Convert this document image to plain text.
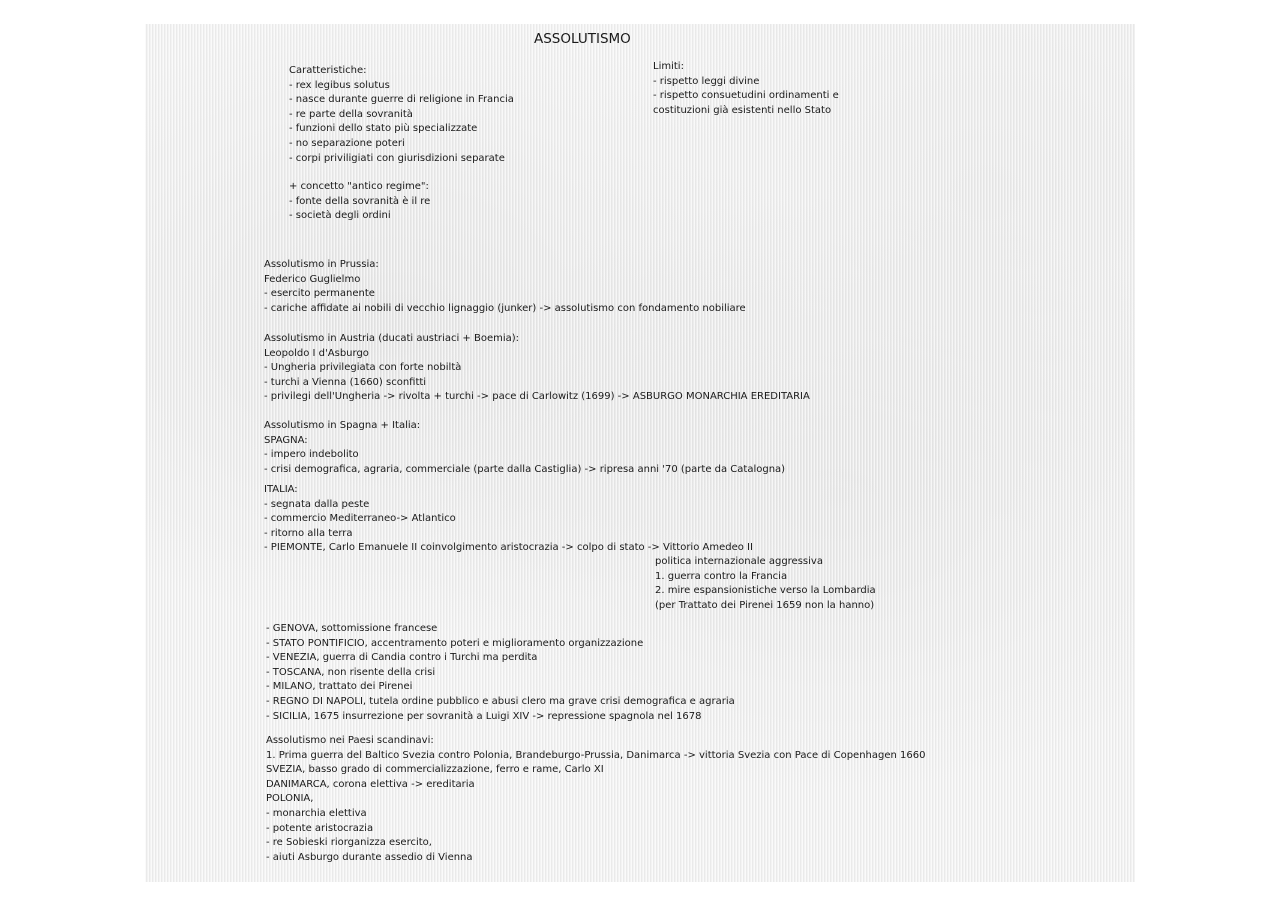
ASSOLUTISMO
Caratteristiche:
- rex legibus solutus
- nasce durante guerre di religione in Francia
- re parte della sovranità
- funzioni dello stato più specializzate
- no separazione poteri
- corpi priviligiati con giurisdizioni separate
+ concetto "antico regime":
- fonte della sovranità è il re
- società degli ordini
Limiti:
- rispetto leggi divine
- rispetto consuetudini ordinamenti e
costituzioni già esistenti nello Stato
Assolutismo in Prussia:
Federico Guglielmo
- esercito permanente
- cariche affidate ai nobili di vecchio lignaggio (junker) -> assolutismo con fondamento nobiliare
Assolutismo in Austria (ducati austriaci + Boemia):
Leopoldo I d'Asburgo
- Ungheria privilegiata con forte nobiltà
- turchi a Vienna (1660) sconfitti
- privilegi dell'Ungheria -> rivolta + turchi -> pace di Carlowitz (1699) -> ASBURGO MONARCHIA EREDITARIA
Assolutismo in Spagna + Italia:
SPAGNA:
- impero indebolito
- crisi demografica, agraria, commerciale (parte dalla Castiglia) -> ripresa anni '70 (parte da Catalogna)
ITALIA:
- segnata dalla peste
- commercio Mediterraneo-> Atlantico
- ritorno alla terra
- PIEMONTE, Carlo Emanuele II coinvolgimento aristocrazia -> colpo di stato -> Vittorio Amedeo II
politica internazionale aggressiva
1. guerra contro la Francia
2. mire espansionistiche verso la Lombardia
(per Trattato dei Pirenei 1659 non la hanno)
- GENOVA, sottomissione francese
- STATO PONTIFICIO, accentramento poteri e miglioramento organizzazione
- VENEZIA, guerra di Candia contro i Turchi ma perdita
- TOSCANA, non risente della crisi
- MILANO, trattato dei Pirenei
- REGNO DI NAPOLI, tutela ordine pubblico e abusi clero ma grave crisi demografica e agraria
- SICILIA, 1675 insurrezione per sovranità a Luigi XIV -> repressione spagnola nel 1678
Assolutismo nei Paesi scandinavi:
1. Prima guerra del Baltico Svezia contro Polonia, Brandeburgo-Prussia, Danimarca -> vittoria Svezia con Pace di Copenhagen 1660
SVEZIA, basso grado di commercializzazione, ferro e rame, Carlo XI
DANIMARCA, corona elettiva -> ereditaria
POLONIA,
- monarchia elettiva
- potente aristocrazia
- re Sobieski riorganizza esercito,
- aiuti Asburgo durante assedio di Vienna
